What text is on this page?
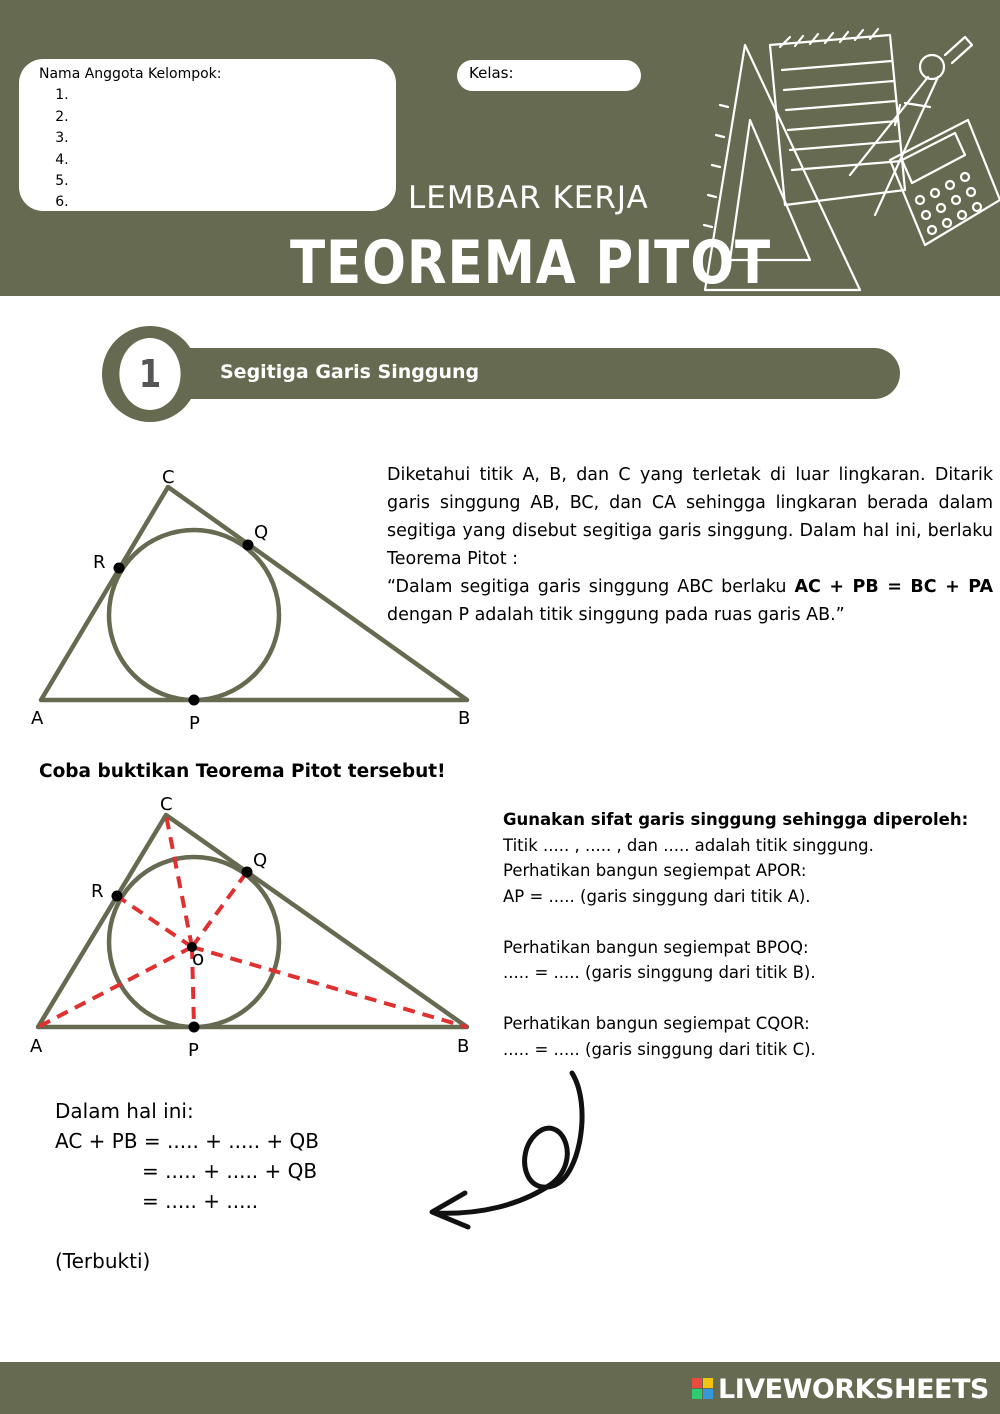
Nama Anggota Kelompok:
1.
2.
3.
4.
5.
6.	Kelas:
LEMBAR KERJA
TEOREMA PITOT
1	Segitiga Garis Singgung
A	B
C
P
Q
R

Diketahui titik A, B, dan C yang terletak di luar lingkaran. Ditarik garis singgung AB, BC, dan CA sehingga lingkaran berada dalam segitiga yang disebut segitiga garis singgung. Dalam hal ini, berlaku Teorema Pitot :

“Dalam segitiga garis singgung ABC berlaku AC + PB = BC + PA dengan P adalah titik singgung pada ruas garis AB.”

Coba buktikan Teorema Pitot tersebut!
A	B
C
P
Q
R
o
Gunakan sifat garis singgung sehingga diperoleh:
Titik ..... , ..... , dan ..... adalah titik singgung.
Perhatikan bangun segiempat APOR:
AP = ..... (garis singgung dari titik A).
Perhatikan bangun segiempat BPOQ:
..... = ..... (garis singgung dari titik B).
Perhatikan bangun segiempat CQOR:
..... = ..... (garis singgung dari titik C).
Dalam hal ini:
AC + PB = ..... + ..... + QB
= ..... + ..... + QB
= ..... + .....
(Terbukti)
LIVEWORKSHEETS
